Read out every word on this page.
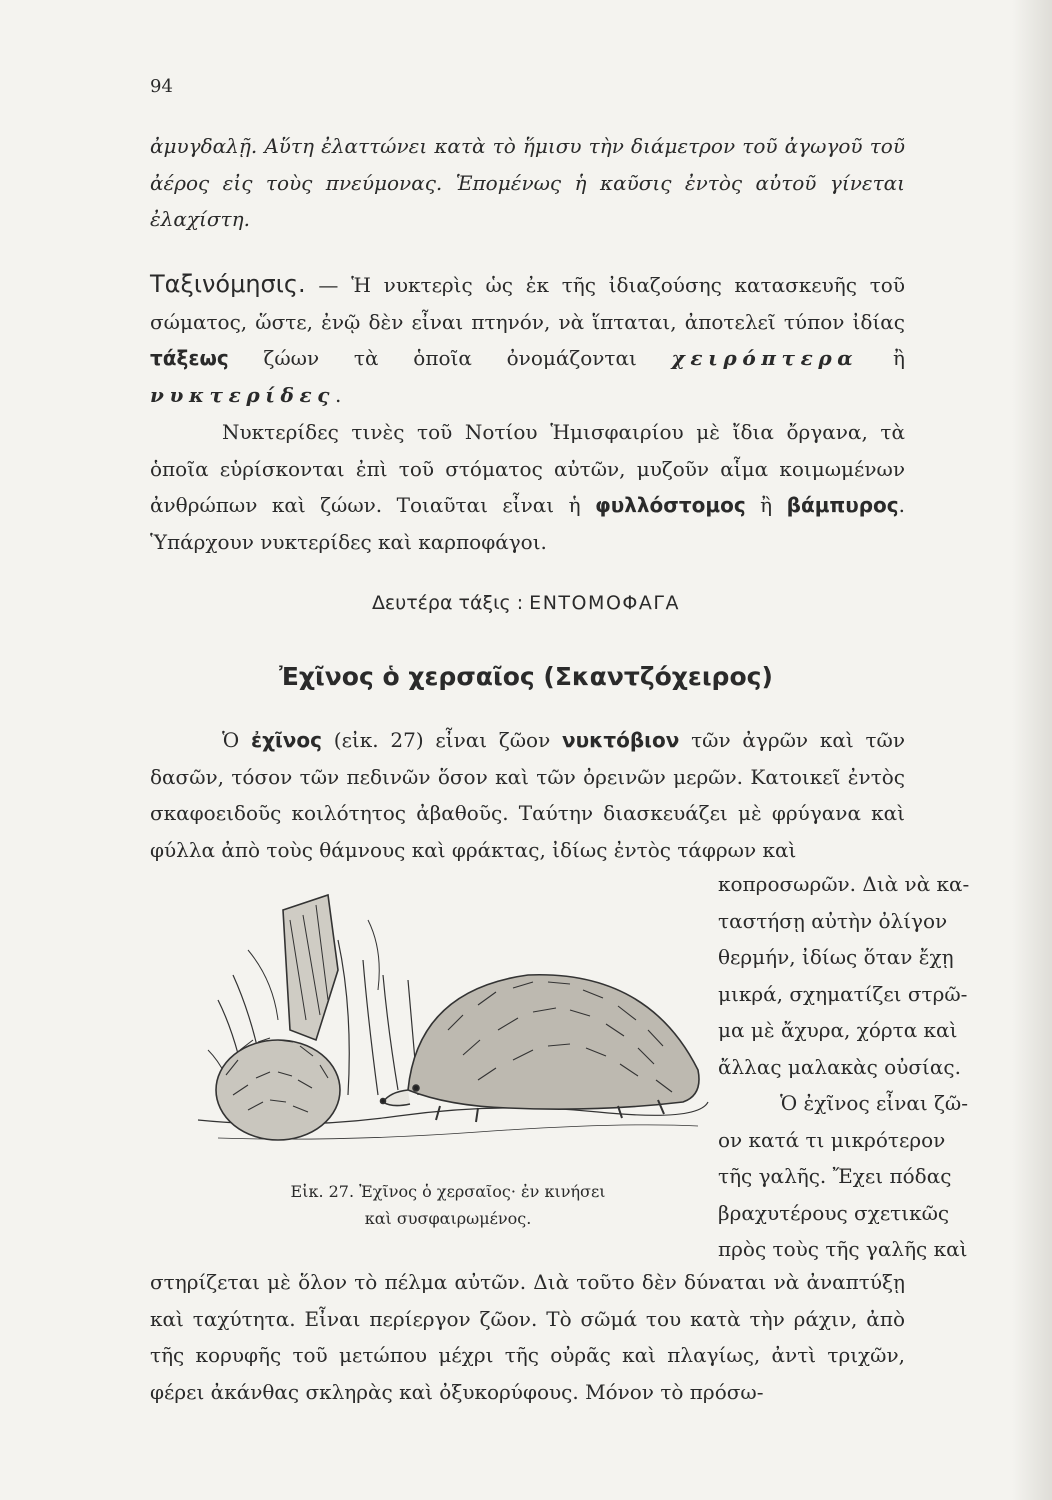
94

ἀμυγδαλῇ. Αὕτη ἐλαττώνει κατὰ τὸ ἥμισυ τὴν διάμετρον τοῦ ἀγωγοῦ τοῦ ἀέρος εἰς τοὺς πνεύμονας. Ἑπομένως ἡ καῦσις ἐντὸς αὐτοῦ γίνεται ἐλαχίστη.

Ταξινόμησις. — Ἡ νυκτερὶς ὡς ἐκ τῆς ἰδιαζούσης κατασκευῆς τοῦ σώματος, ὥστε, ἐνῷ δὲν εἶναι πτηνόν, νὰ ἵπταται, ἀποτελεῖ τύπον ἰδίας τάξεως ζώων τὰ ὁποῖα ὀνομάζονται χειρόπτερα ἢ νυκτερίδες.

Νυκτερίδες τινὲς τοῦ Νοτίου Ἡμισφαιρίου μὲ ἴδια ὄργανα, τὰ ὁποῖα εὑρίσκονται ἐπὶ τοῦ στόματος αὐτῶν, μυζοῦν αἷμα κοιμωμένων ἀνθρώπων καὶ ζώων. Τοιαῦται εἶναι ἡ φυλλόστομος ἢ βάμπυρος. Ὑπάρχουν νυκτερίδες καὶ καρποφάγοι.

Δευτέρα τάξις : ΕΝΤΟΜΟΦΑΓΑ
Ἐχῖνος ὁ χερσαῖος (Σκαντζόχειρος)

Ὁ ἐχῖνος (εἰκ. 27) εἶναι ζῶον νυκτόβιον τῶν ἀγρῶν καὶ τῶν δασῶν, τόσον τῶν πεδινῶν ὅσον καὶ τῶν ὀρεινῶν μερῶν. Κατοικεῖ ἐντὸς σκαφοειδοῦς κοιλότητος ἀβαθοῦς. Ταύτην διασκευάζει μὲ φρύγανα καὶ φύλλα ἀπὸ τοὺς θάμνους καὶ φράκτας, ἰδίως ἐντὸς τάφρων καὶ

κοπροσωρῶν. Διὰ νὰ κα-
ταστήσῃ αὐτὴν ὀλίγον
θερμήν, ἰδίως ὅταν ἔχῃ
μικρά, σχηματίζει στρῶ-
μα μὲ ἄχυρα, χόρτα καὶ
ἄλλας μαλακὰς οὐσίας.
Ὁ ἐχῖνος εἶναι ζῶ-
ον κατά τι μικρότερον
τῆς γαλῆς. Ἔχει πόδας
βραχυτέρους σχετικῶς
πρὸς τοὺς τῆς γαλῆς καὶ
Εἰκ. 27. Ἐχῖνος ὁ χερσαῖος· ἐν κινήσει
καὶ συσφαιρωμένος.

στηρίζεται μὲ ὅλον τὸ πέλμα αὐτῶν. Διὰ τοῦτο δὲν δύναται νὰ ἀναπτύξῃ καὶ ταχύτητα. Εἶναι περίεργον ζῶον. Τὸ σῶμά του κατὰ τὴν ράχιν, ἀπὸ τῆς κορυφῆς τοῦ μετώπου μέχρι τῆς οὐρᾶς καὶ πλαγίως, ἀντὶ τριχῶν, φέρει ἀκάνθας σκληρὰς καὶ ὀξυκορύφους. Μόνον τὸ πρόσω-
